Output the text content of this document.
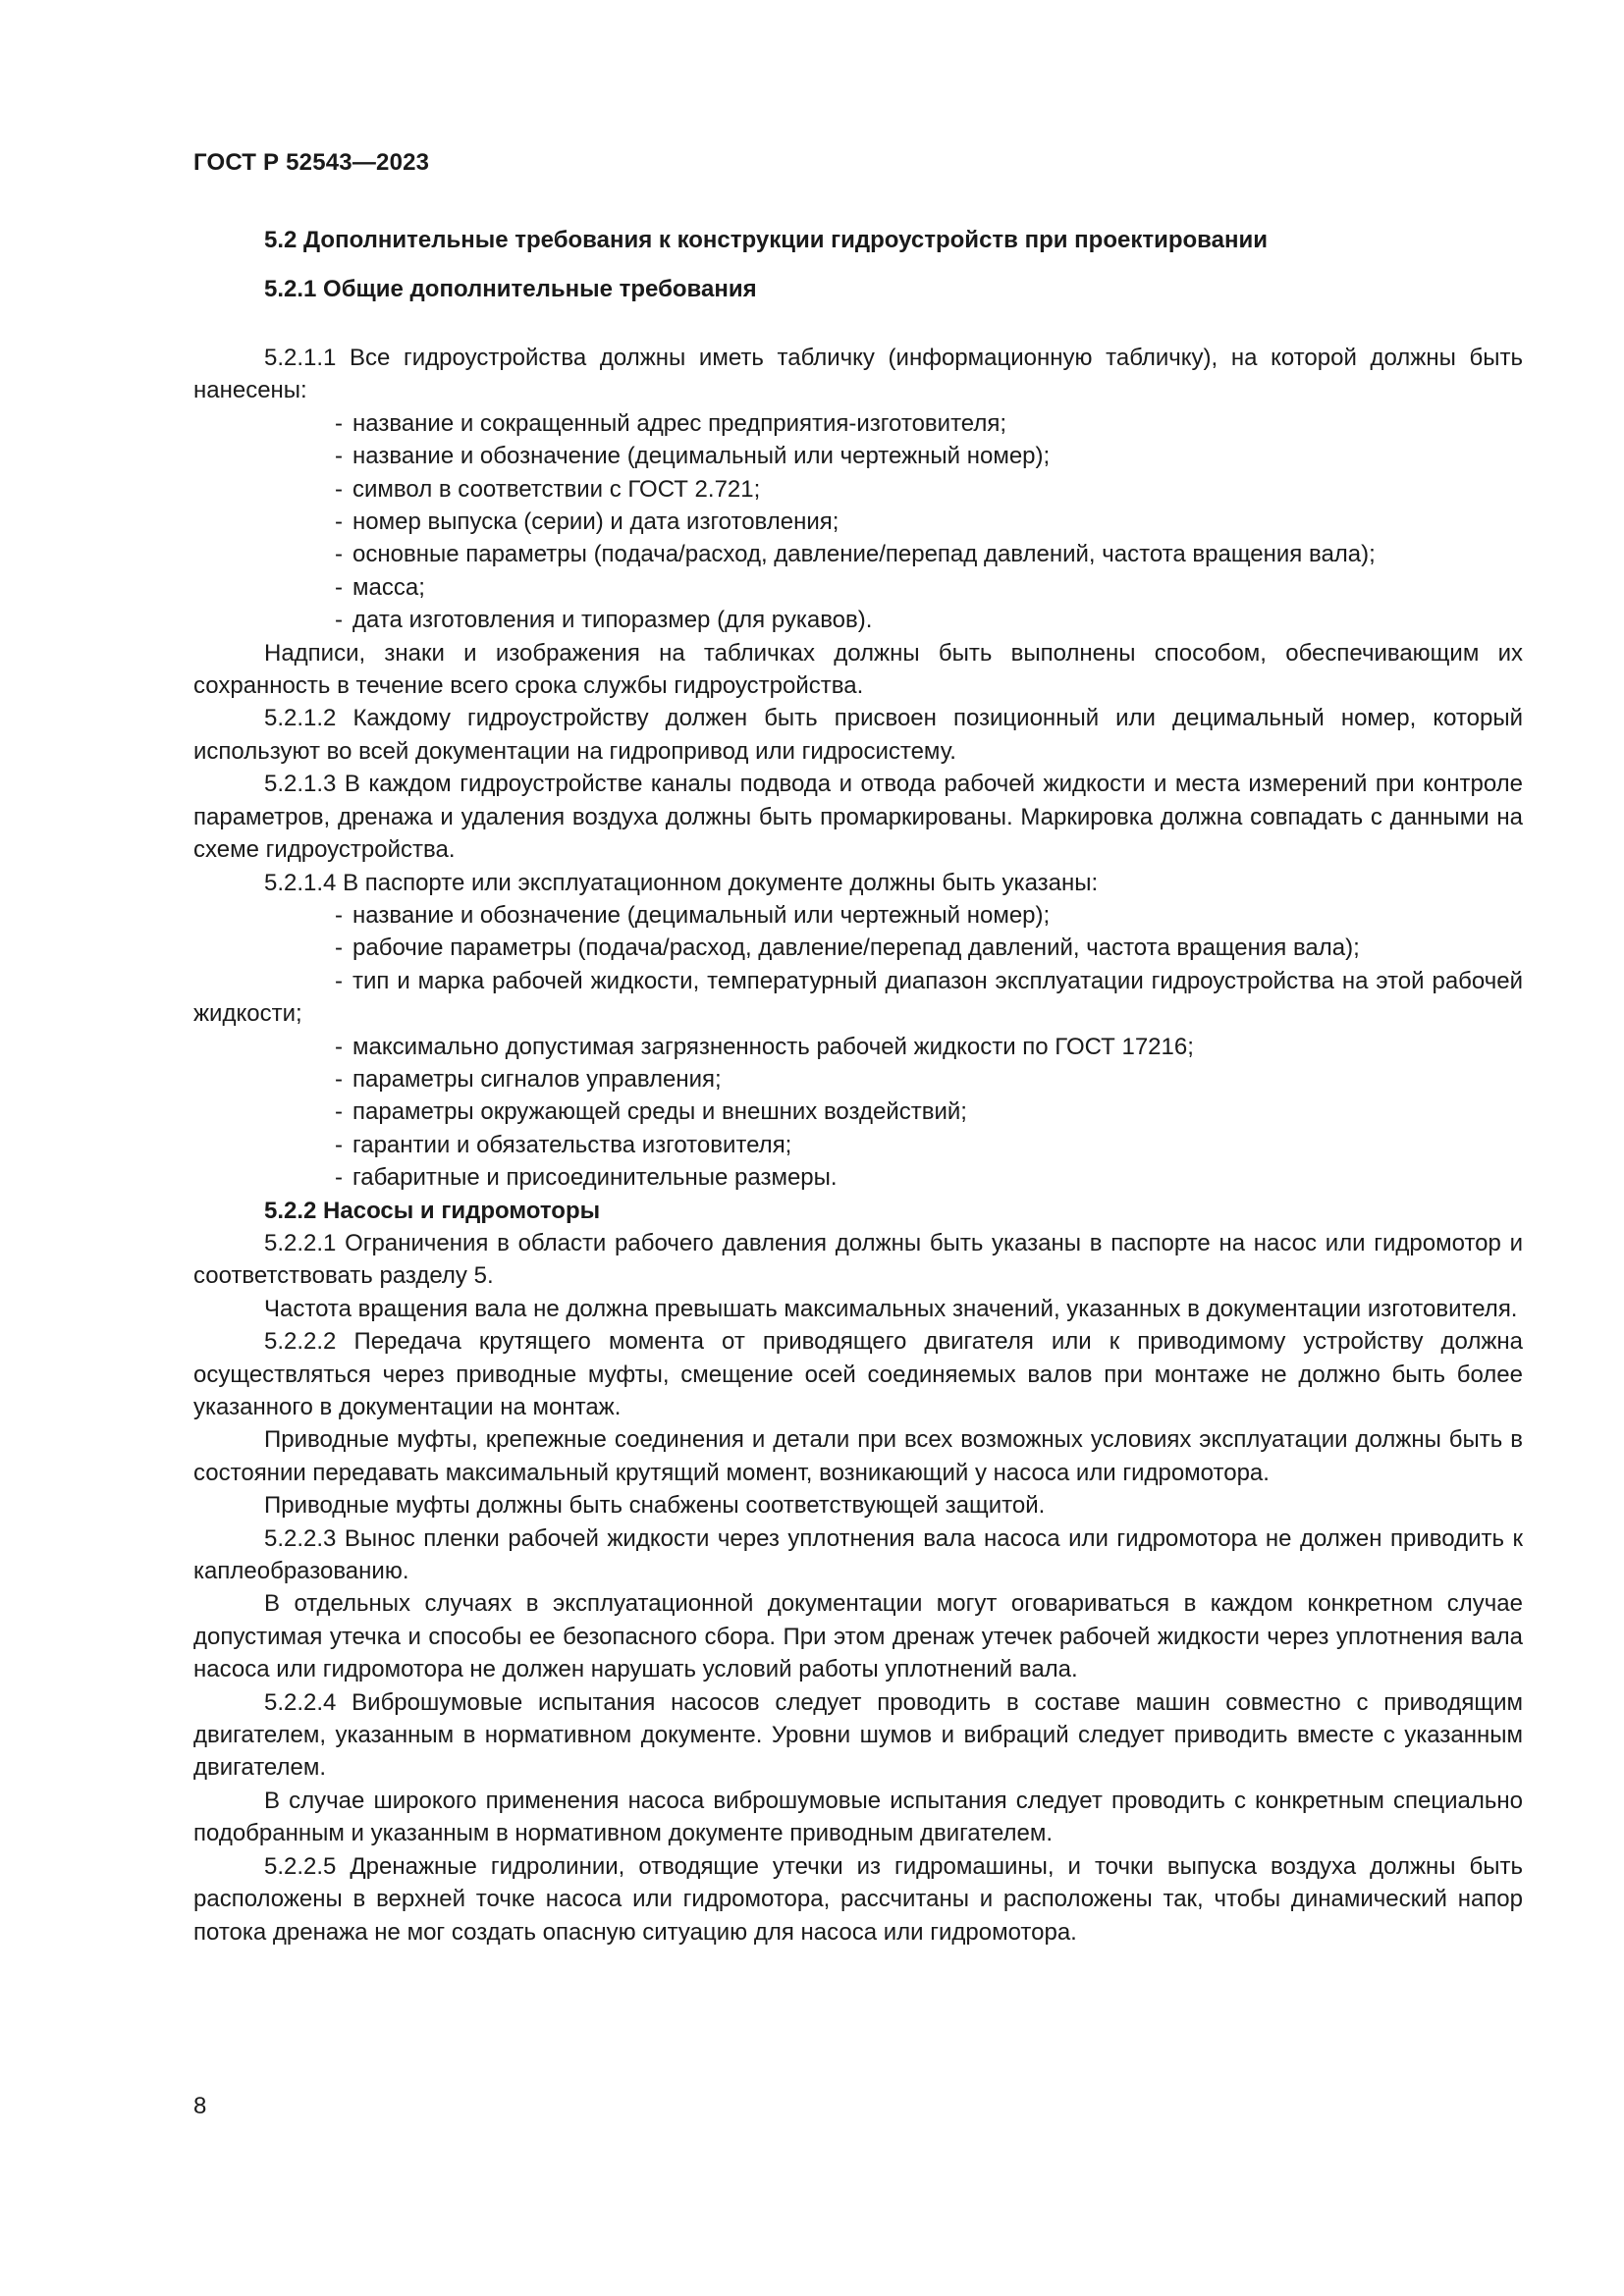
ГОСТ Р 52543—2023
5.2 Дополнительные требования к конструкции гидроустройств при проектировании
5.2.1 Общие дополнительные требования

5.2.1.1 Все гидроустройства должны иметь табличку (информационную табличку), на которой должны быть нанесены:

- название и сокращенный адрес предприятия-изготовителя;

- название и обозначение (децимальный или чертежный номер);

- символ в соответствии с ГОСТ 2.721;

- номер выпуска (серии) и дата изготовления;

- основные параметры (подача/расход, давление/перепад давлений, частота вращения вала);

- масса;

- дата изготовления и типоразмер (для рукавов).

Надписи, знаки и изображения на табличках должны быть выполнены способом, обеспечивающим их сохранность в течение всего срока службы гидроустройства.

5.2.1.2 Каждому гидроустройству должен быть присвоен позиционный или децимальный номер, который используют во всей документации на гидропривод или гидросистему.

5.2.1.3 В каждом гидроустройстве каналы подвода и отвода рабочей жидкости и места измерений при контроле параметров, дренажа и удаления воздуха должны быть промаркированы. Маркировка должна совпадать с данными на схеме гидроустройства.

5.2.1.4 В паспорте или эксплуатационном документе должны быть указаны:

- название и обозначение (децимальный или чертежный номер);

- рабочие параметры (подача/расход, давление/перепад давлений, частота вращения вала);

- тип и марка рабочей жидкости, температурный диапазон эксплуатации гидроустройства на этой рабочей жидкости;

- максимально допустимая загрязненность рабочей жидкости по ГОСТ 17216;

- параметры сигналов управления;

- параметры окружающей среды и внешних воздействий;

- гарантии и обязательства изготовителя;

- габаритные и присоединительные размеры.

5.2.2 Насосы и гидромоторы

5.2.2.1 Ограничения в области рабочего давления должны быть указаны в паспорте на насос или гидромотор и соответствовать разделу 5.

Частота вращения вала не должна превышать максимальных значений, указанных в документации изготовителя.

5.2.2.2 Передача крутящего момента от приводящего двигателя или к приводимому устройству должна осуществляться через приводные муфты, смещение осей соединяемых валов при монтаже не должно быть более указанного в документации на монтаж.

Приводные муфты, крепежные соединения и детали при всех возможных условиях эксплуатации должны быть в состоянии передавать максимальный крутящий момент, возникающий у насоса или гидромотора.

Приводные муфты должны быть снабжены соответствующей защитой.

5.2.2.3 Вынос пленки рабочей жидкости через уплотнения вала насоса или гидромотора не должен приводить к каплеобразованию.

В отдельных случаях в эксплуатационной документации могут оговариваться в каждом конкретном случае допустимая утечка и способы ее безопасного сбора. При этом дренаж утечек рабочей жидкости через уплотнения вала насоса или гидромотора не должен нарушать условий работы уплотнений вала.

5.2.2.4 Виброшумовые испытания насосов следует проводить в составе машин совместно с приводящим двигателем, указанным в нормативном документе. Уровни шумов и вибраций следует приводить вместе с указанным двигателем.

В случае широкого применения насоса виброшумовые испытания следует проводить с конкретным специально подобранным и указанным в нормативном документе приводным двигателем.

5.2.2.5 Дренажные гидролинии, отводящие утечки из гидромашины, и точки выпуска воздуха должны быть расположены в верхней точке насоса или гидромотора, рассчитаны и расположены так, чтобы динамический напор потока дренажа не мог создать опасную ситуацию для насоса или гидромотора.

8
